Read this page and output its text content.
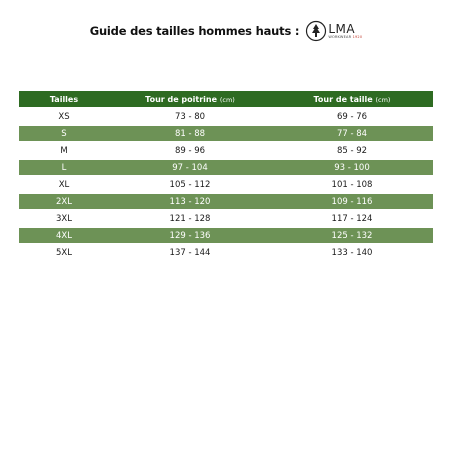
Guide des tailles hommes hauts : LMA
WORKWEAR 1920
Tailles	Tour de poitrine (cm)	Tour de taille (cm)
XS	73 - 80	69 - 76
S	81 - 88	77 - 84
M	89 - 96	85 - 92
L	97 - 104	93 - 100
XL	105 - 112	101 - 108
2XL	113 - 120	109 - 116
3XL	121 - 128	117 - 124
4XL	129 - 136	125 - 132
5XL	137 - 144	133 - 140
